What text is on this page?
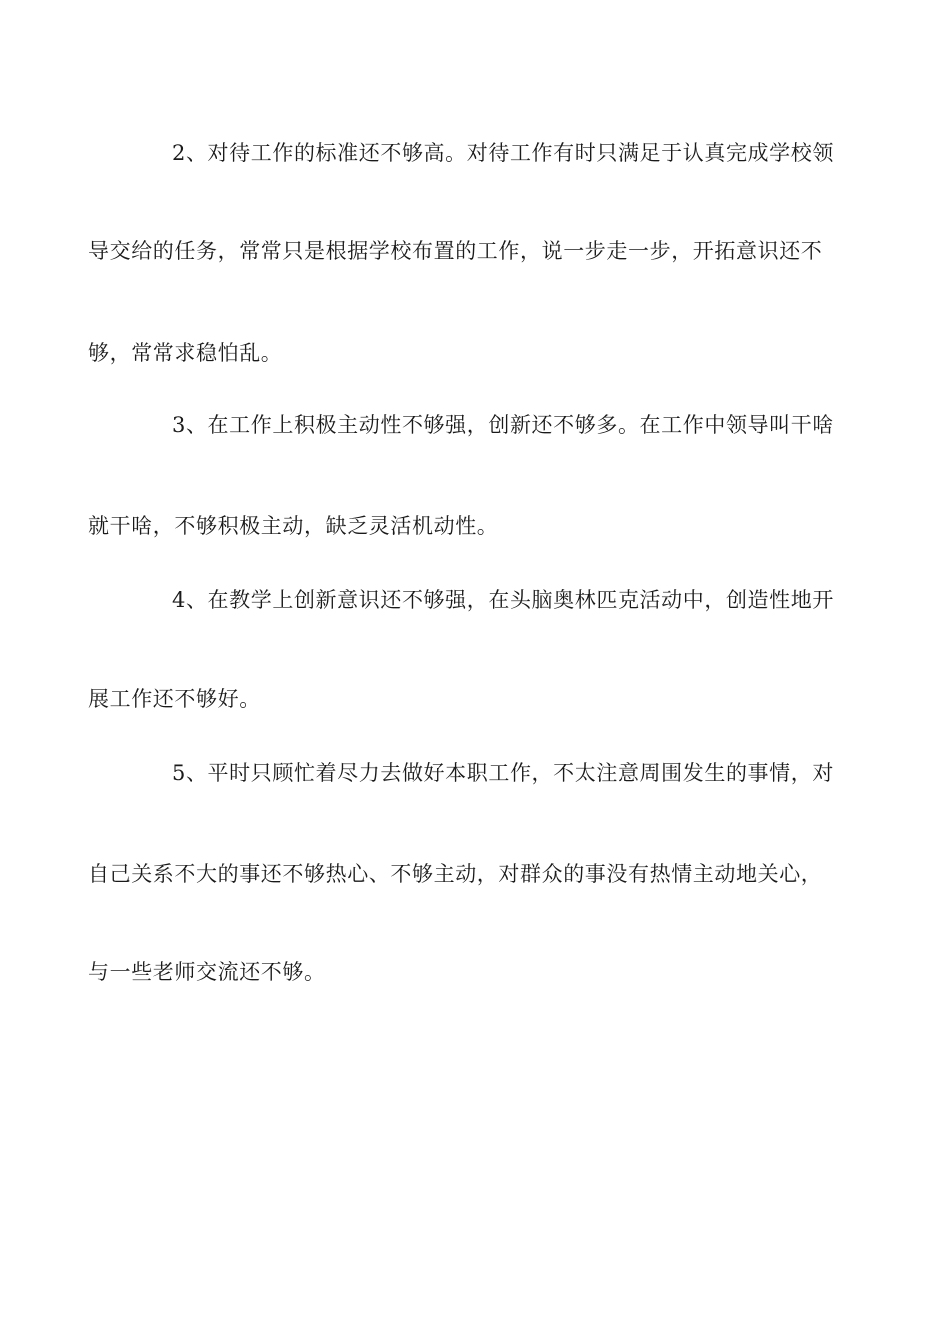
2、对待工作的标准还不够高。对待工作有时只满足于认真完成学校领
导交给的任务，常常只是根据学校布置的工作，说一步走一步，开拓意识还不
够，常常求稳怕乱。
3、在工作上积极主动性不够强，创新还不够多。在工作中领导叫干啥
就干啥，不够积极主动，缺乏灵活机动性。
4、在教学上创新意识还不够强，在头脑奥林匹克活动中，创造性地开
展工作还不够好。
5、平时只顾忙着尽力去做好本职工作，不太注意周围发生的事情，对
自己关系不大的事还不够热心、不够主动，对群众的事没有热情主动地关心，
与一些老师交流还不够。
